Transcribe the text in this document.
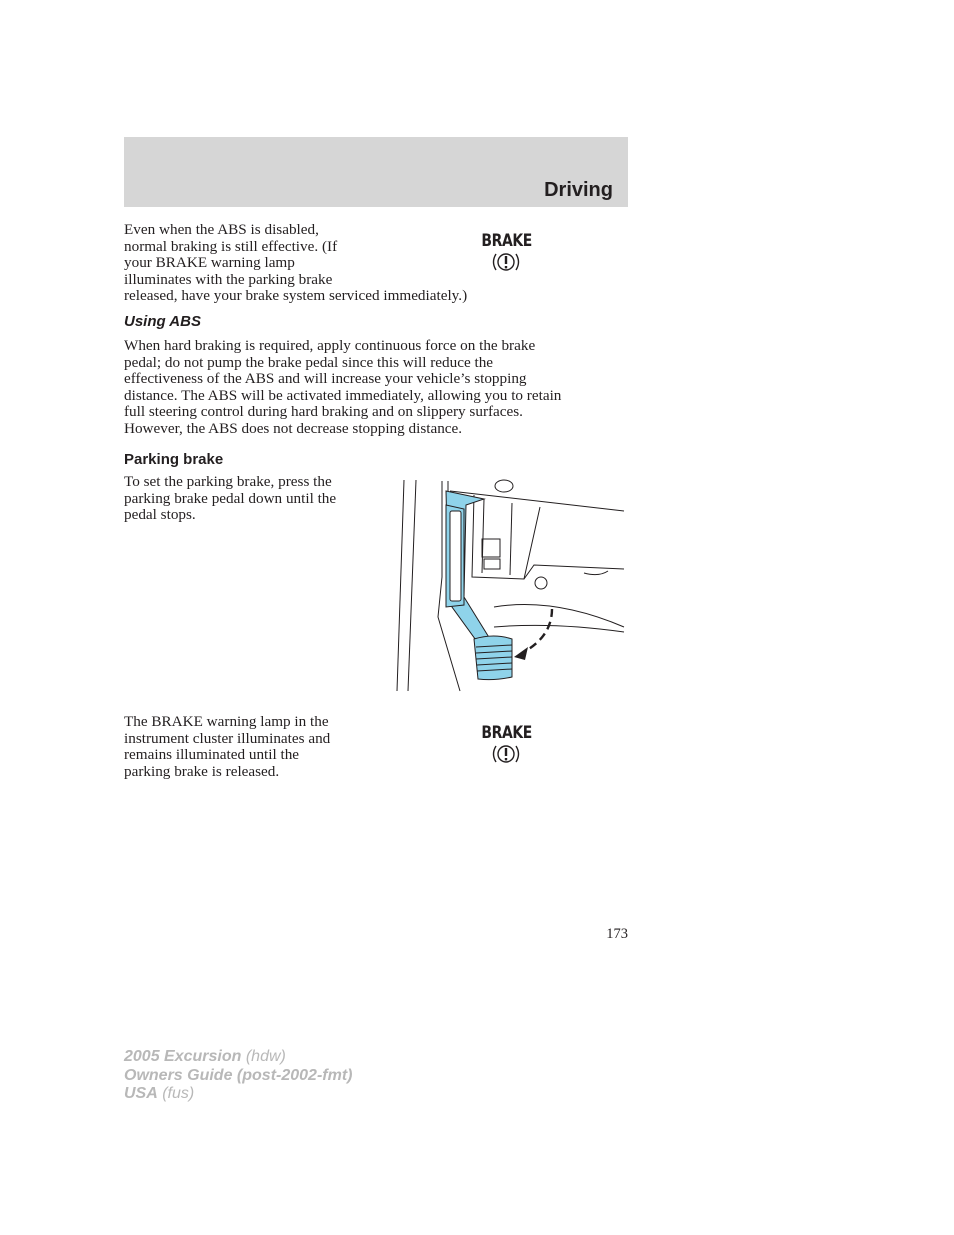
Driving

Even when the ABS is disabled,
normal braking is still effective. (If
your BRAKE warning lamp
illuminates with the parking brake
released, have your brake system serviced immediately.)

BRAKE
Using ABS

When hard braking is required, apply continuous force on the brake
pedal; do not pump the brake pedal since this will reduce the
effectiveness of the ABS and will increase your vehicle’s stopping
distance. The ABS will be activated immediately, allowing you to retain
full steering control during hard braking and on slippery surfaces.
However, the ABS does not decrease stopping distance.

Parking brake

To set the parking brake, press the
parking brake pedal down until the
pedal stops.

The BRAKE warning lamp in the
instrument cluster illuminates and
remains illuminated until the
parking brake is released.

BRAKE

173

2005 Excursion (hdw)
Owners Guide (post-2002-fmt)
USA (fus)
